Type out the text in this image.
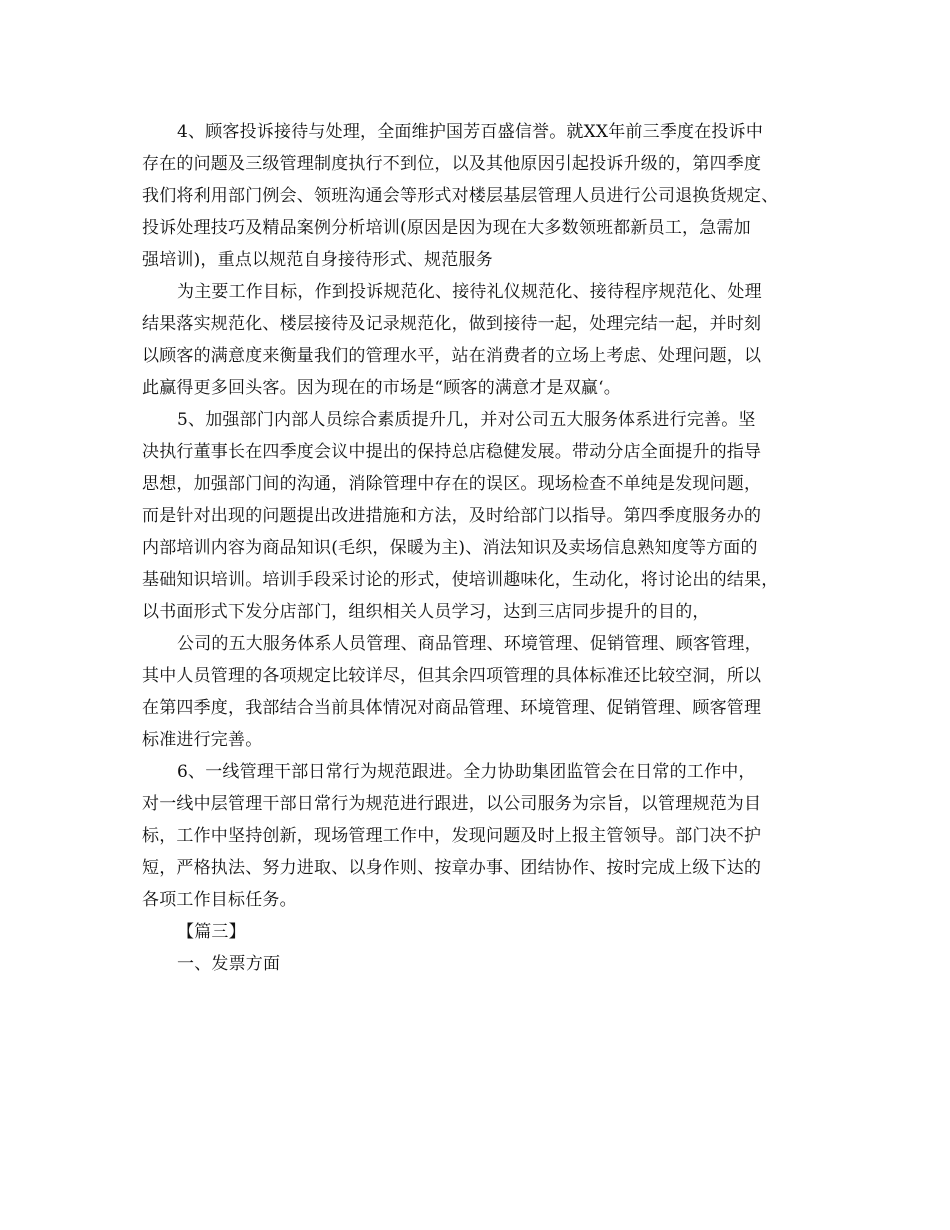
4、顾客投诉接待与处理，全面维护国芳百盛信誉。就XX年前三季度在投诉中
存在的问题及三级管理制度执行不到位，以及其他原因引起投诉升级的，第四季度
我们将利用部门例会、领班沟通会等形式对楼层基层管理人员进行公司退换货规定、
投诉处理技巧及精品案例分析培训(原因是因为现在大多数领班都新员工，急需加
强培训)，重点以规范自身接待形式、规范服务
为主要工作目标，作到投诉规范化、接待礼仪规范化、接待程序规范化、处理
结果落实规范化、楼层接待及记录规范化，做到接待一起，处理完结一起，并时刻
以顾客的满意度来衡量我们的管理水平，站在消费者的立场上考虑、处理问题，以
此赢得更多回头客。因为现在的市场是“顾客的满意才是双赢‘。
5、加强部门内部人员综合素质提升几，并对公司五大服务体系进行完善。坚
决执行董事长在四季度会议中提出的保持总店稳健发展。带动分店全面提升的指导
思想，加强部门间的沟通，消除管理中存在的误区。现场检查不单纯是发现问题，
而是针对出现的问题提出改进措施和方法，及时给部门以指导。第四季度服务办的
内部培训内容为商品知识(毛织，保暖为主)、消法知识及卖场信息熟知度等方面的
基础知识培训。培训手段采讨论的形式，使培训趣味化，生动化，将讨论出的结果，
以书面形式下发分店部门，组织相关人员学习，达到三店同步提升的目的，
公司的五大服务体系人员管理、商品管理、环境管理、促销管理、顾客管理，
其中人员管理的各项规定比较详尽，但其余四项管理的具体标准还比较空洞，所以
在第四季度，我部结合当前具体情况对商品管理、环境管理、促销管理、顾客管理
标准进行完善。
6、一线管理干部日常行为规范跟进。全力协助集团监管会在日常的工作中，
对一线中层管理干部日常行为规范进行跟进，以公司服务为宗旨，以管理规范为目
标，工作中坚持创新，现场管理工作中，发现问题及时上报主管领导。部门决不护
短，严格执法、努力进取、以身作则、按章办事、团结协作、按时完成上级下达的
各项工作目标任务。
【篇三】
一、发票方面
